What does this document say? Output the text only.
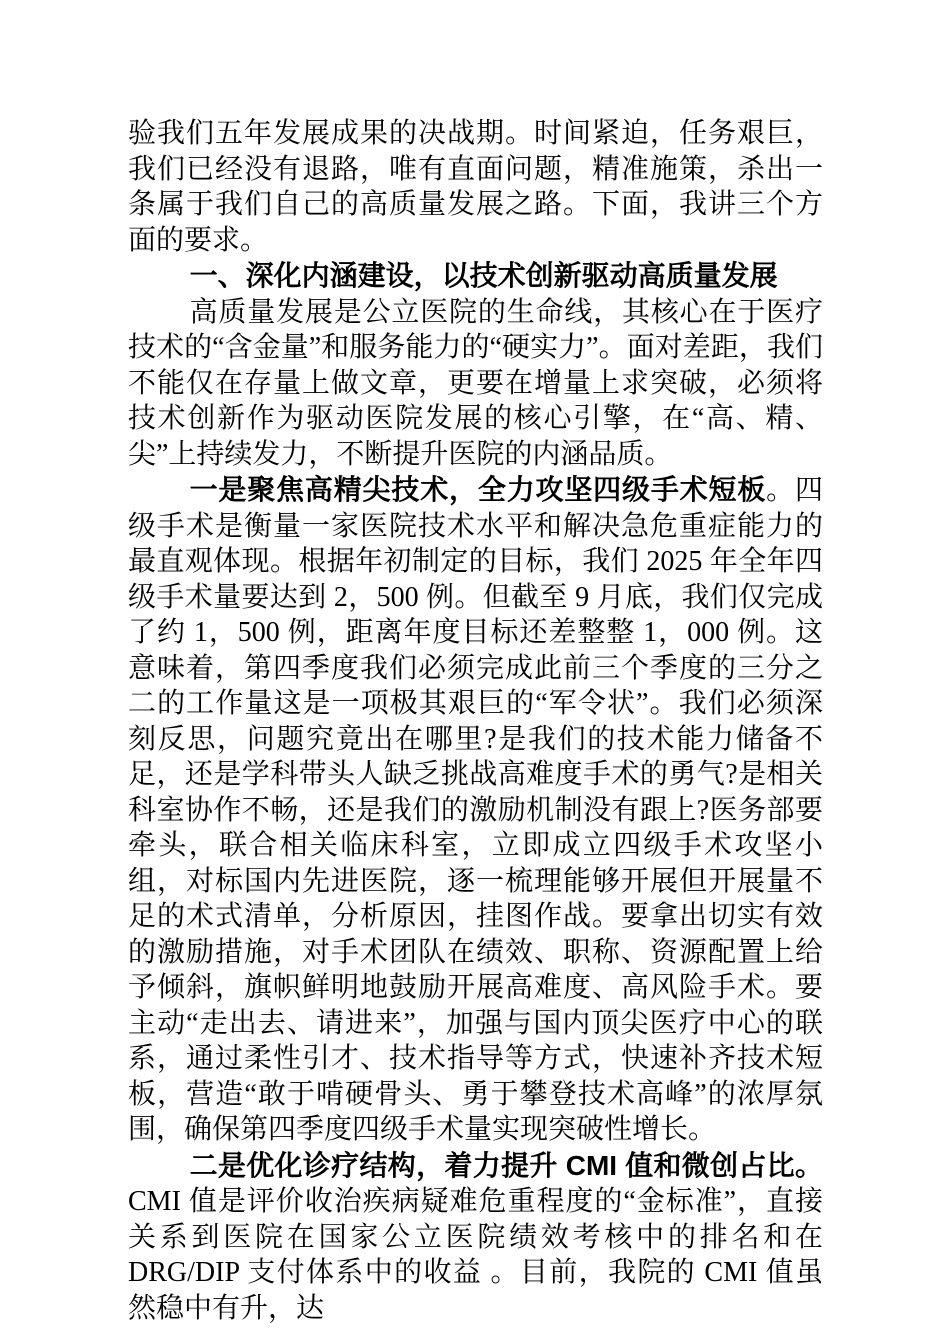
验我们五年发展成果的决战期。时间紧迫，任务艰巨，我们已经没有退路，唯有直面问题，精准施策，杀出一条属于我们自己的高质量发展之路。下面，我讲三个方面的要求。

一、深化内涵建设，以技术创新驱动高质量发展

高质量发展是公立医院的生命线，其核心在于医疗技术的“含金量”和服务能力的“硬实力”。面对差距，我们不能仅在存量上做文章，更要在增量上求突破，必须将技术创新作为驱动医院发展的核心引擎，在“高、精、尖”上持续发力，不断提升医院的内涵品质。

一是聚焦高精尖技术，全力攻坚四级手术短板。四级手术是衡量一家医院技术水平和解决急危重症能力的最直观体现。根据年初制定的目标，我们 2025 年全年四级手术量要达到 2，500 例。但截至 9 月底，我们仅完成了约 1，500 例，距离年度目标还差整整 1，000 例。这意味着，第四季度我们必须完成此前三个季度的三分之二的工作量这是一项极其艰巨的“军令状”。我们必须深刻反思，问题究竟出在哪里?是我们的技术能力储备不足，还是学科带头人缺乏挑战高难度手术的勇气?是相关科室协作不畅，还是我们的激励机制没有跟上?医务部要牵头，联合相关临床科室，立即成立四级手术攻坚小组，对标国内先进医院，逐一梳理能够开展但开展量不足的术式清单，分析原因，挂图作战。要拿出切实有效的激励措施，对手术团队在绩效、职称、资源配置上给予倾斜，旗帜鲜明地鼓励开展高难度、高风险手术。要主动“走出去、请进来”，加强与国内顶尖医疗中心的联系，通过柔性引才、技术指导等方式，快速补齐技术短板，营造“敢于啃硬骨头、勇于攀登技术高峰”的浓厚氛围，确保第四季度四级手术量实现突破性增长。

二是优化诊疗结构，着力提升 CMI 值和微创占比。CMI 值是评价收治疾病疑难危重程度的“金标准”，直接关系到医院在国家公立医院绩效考核中的排名和在 DRG/DIP 支付体系中的收益 。目前，我院的 CMI 值虽然稳中有升，达
